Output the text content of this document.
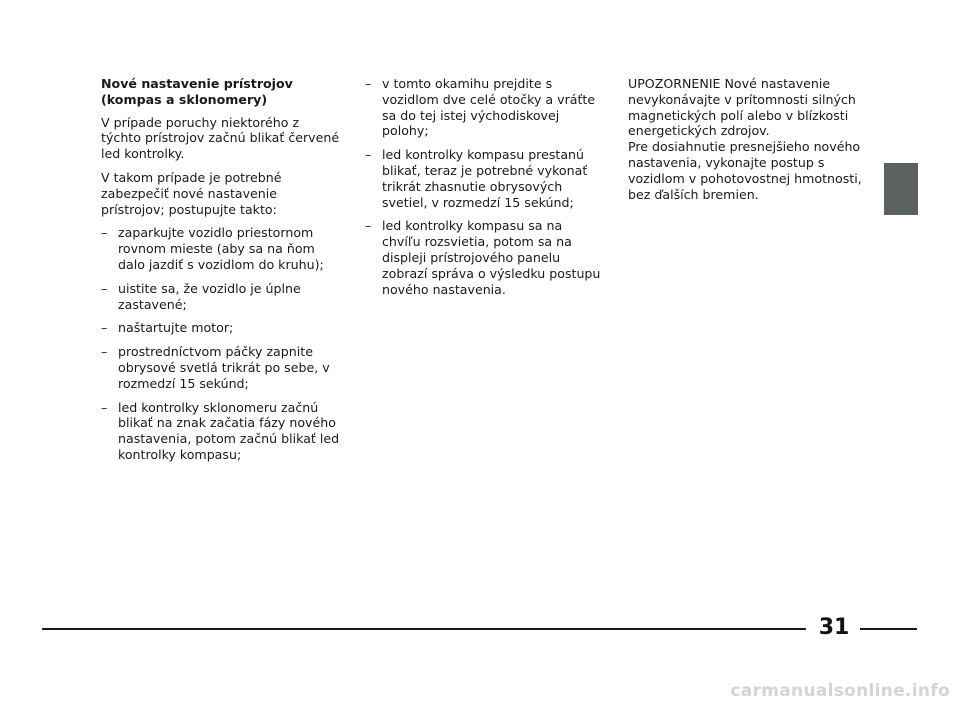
Nové nastavenie prístrojov (kompas a sklonomery)
V prípade poruchy niektorého z týchto prístrojov začnú blikať červené led kontrolky.
V takom prípade je potrebné zabezpečiť nové nastavenie prístrojov; postupujte takto:
– zaparkujte vozidlo priestornom rovnom mieste (aby sa na ňom dalo jazdiť s vozidlom do kruhu);
– uistite sa, že vozidlo je úplne zastavené;
– naštartujte motor;
– prostredníctvom páčky zapnite obrysové svetlá trikrát po sebe, v rozmedzí 15 sekúnd;
– led kontrolky sklonomeru začnú blikať na znak začatia fázy nového nastavenia, potom začnú blikať led kontrolky kompasu;
– v tomto okamihu prejdite s vozidlom dve celé otočky a vráťte sa do tej istej východiskovej polohy;
– led kontrolky kompasu prestanú blikať, teraz je potrebné vykonať trikrát zhasnutie obrysových svetiel, v rozmedzí 15 sekúnd;
– led kontrolky kompasu sa na chvíľu rozsvietia, potom sa na displeji prístrojového panelu zobrazí správa o výsledku postupu nového nastavenia.
UPOZORNENIE Nové nastavenie nevykonávajte v prítomnosti silných magnetických polí alebo v blízkosti energetických zdrojov.
Pre dosiahnutie presnejšieho nového nastavenia, vykonajte postup s vozidlom v pohotovostnej hmotnosti, bez ďalších bremien.
31
carmanualsonline.info
